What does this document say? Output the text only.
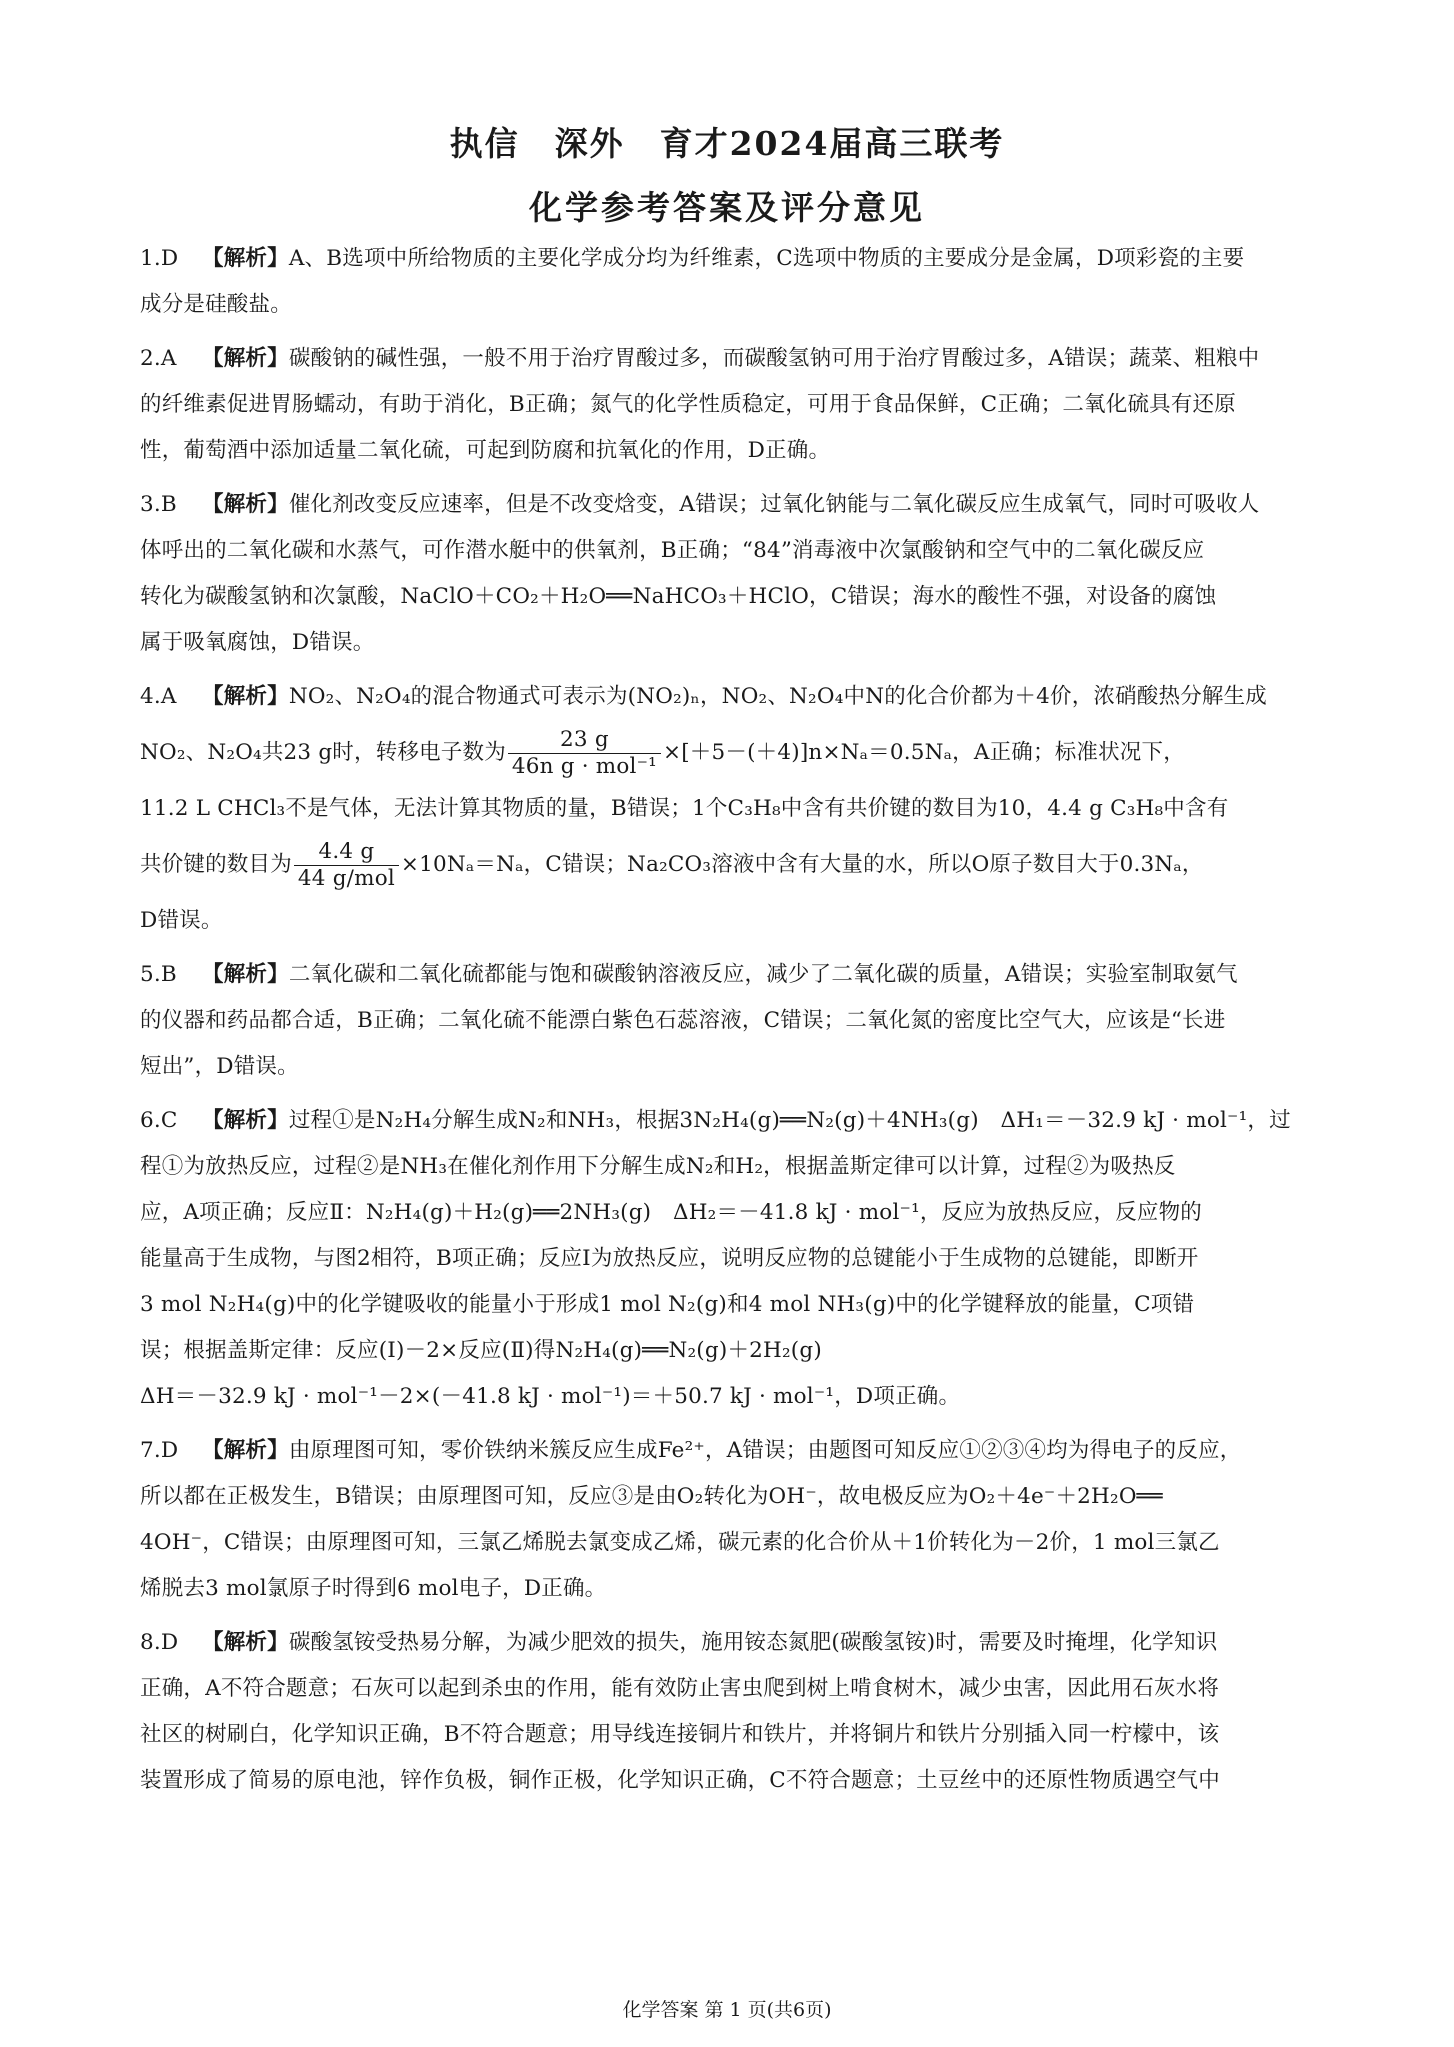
执信　深外　育才2024届高三联考
化学参考答案及评分意见
1.D 【解析】A、B选项中所给物质的主要化学成分均为纤维素，C选项中物质的主要成分是金属，D项彩瓷的主要
成分是硅酸盐。
2.A 【解析】碳酸钠的碱性强，一般不用于治疗胃酸过多，而碳酸氢钠可用于治疗胃酸过多，A错误；蔬菜、粗粮中
的纤维素促进胃肠蠕动，有助于消化，B正确；氮气的化学性质稳定，可用于食品保鲜，C正确；二氧化硫具有还原
性，葡萄酒中添加适量二氧化硫，可起到防腐和抗氧化的作用，D正确。
3.B 【解析】催化剂改变反应速率，但是不改变焓变，A错误；过氧化钠能与二氧化碳反应生成氧气，同时可吸收人
体呼出的二氧化碳和水蒸气，可作潜水艇中的供氧剂，B正确；“84”消毒液中次氯酸钠和空气中的二氧化碳反应
转化为碳酸氢钠和次氯酸，NaClO＋CO₂＋H₂O══NaHCO₃＋HClO，C错误；海水的酸性不强，对设备的腐蚀
属于吸氧腐蚀，D错误。
4.A 【解析】NO₂、N₂O₄的混合物通式可表示为(NO₂)ₙ，NO₂、N₂O₄中N的化合价都为＋4价，浓硝酸热分解生成
NO₂、N₂O₄共23 g时，转移电子数为 $\frac{23 g}{\text{46n g · mol⁻¹}} \times[+5-(+4)]n\times N_a=0.5N_a$，A正确；标准状况下，
11.2 L CHCl₃不是气体，无法计算其物质的量，B错误；1个C₃H₈中含有共价键的数目为10，4.4 g C₃H₈中含有
共价键的数目为 $\frac{4.4 g}{\text{44 g/mol}} \times 10N_a=N_a$，C错误；Na₂CO₃溶液中含有大量的水，所以O原子数目大于0.3Nₐ，
D错误。
5.B 【解析】二氧化碳和二氧化硫都能与饱和碳酸钠溶液反应，减少了二氧化碳的质量，A错误；实验室制取氨气
的仪器和药品都合适，B正确；二氧化硫不能漂白紫色石蕊溶液，C错误；二氧化氮的密度比空气大，应该是“长进
短出”，D错误。
6.C 【解析】过程①是N₂H₄分解生成N₂和NH₃，根据3N₂H₄(g)══N₂(g)＋4NH₃(g)　ΔH₁＝－32.9 kJ · mol⁻¹，过
程①为放热反应，过程②是NH₃在催化剂作用下分解生成N₂和H₂，根据盖斯定律可以计算，过程②为吸热反
应，A项正确；反应Ⅱ：N₂H₄(g)＋H₂(g)══2NH₃(g)　ΔH₂＝－41.8 kJ · mol⁻¹，反应为放热反应，反应物的
能量高于生成物，与图2相符，B项正确；反应Ⅰ为放热反应，说明反应物的总键能小于生成物的总键能，即断开
3 mol N₂H₄(g)中的化学键吸收的能量小于形成1 mol N₂(g)和4 mol NH₃(g)中的化学键释放的能量，C项错
误；根据盖斯定律：反应(Ⅰ)－2×反应(Ⅱ)得N₂H₄(g)══N₂(g)＋2H₂(g)
ΔH＝－32.9 kJ · mol⁻¹－2×(－41.8 kJ · mol⁻¹)＝＋50.7 kJ · mol⁻¹，D项正确。
7.D 【解析】由原理图可知，零价铁纳米簇反应生成Fe²⁺，A错误；由题图可知反应①②③④均为得电子的反应，
所以都在正极发生，B错误；由原理图可知，反应③是由O₂转化为OH⁻，故电极反应为O₂＋4e⁻＋2H₂O══
4OH⁻，C错误；由原理图可知，三氯乙烯脱去氯变成乙烯，碳元素的化合价从＋1价转化为－2价，1 mol三氯乙
烯脱去3 mol氯原子时得到6 mol电子，D正确。
8.D 【解析】碳酸氢铵受热易分解，为减少肥效的损失，施用铵态氮肥(碳酸氢铵)时，需要及时掩埋，化学知识
正确，A不符合题意；石灰可以起到杀虫的作用，能有效防止害虫爬到树上啃食树木，减少虫害，因此用石灰水将
社区的树刷白，化学知识正确，B不符合题意；用导线连接铜片和铁片，并将铜片和铁片分别插入同一柠檬中，该
装置形成了简易的原电池，锌作负极，铜作正极，化学知识正确，C不符合题意；土豆丝中的还原性物质遇空气中
化学答案 第 1 页(共6页)
